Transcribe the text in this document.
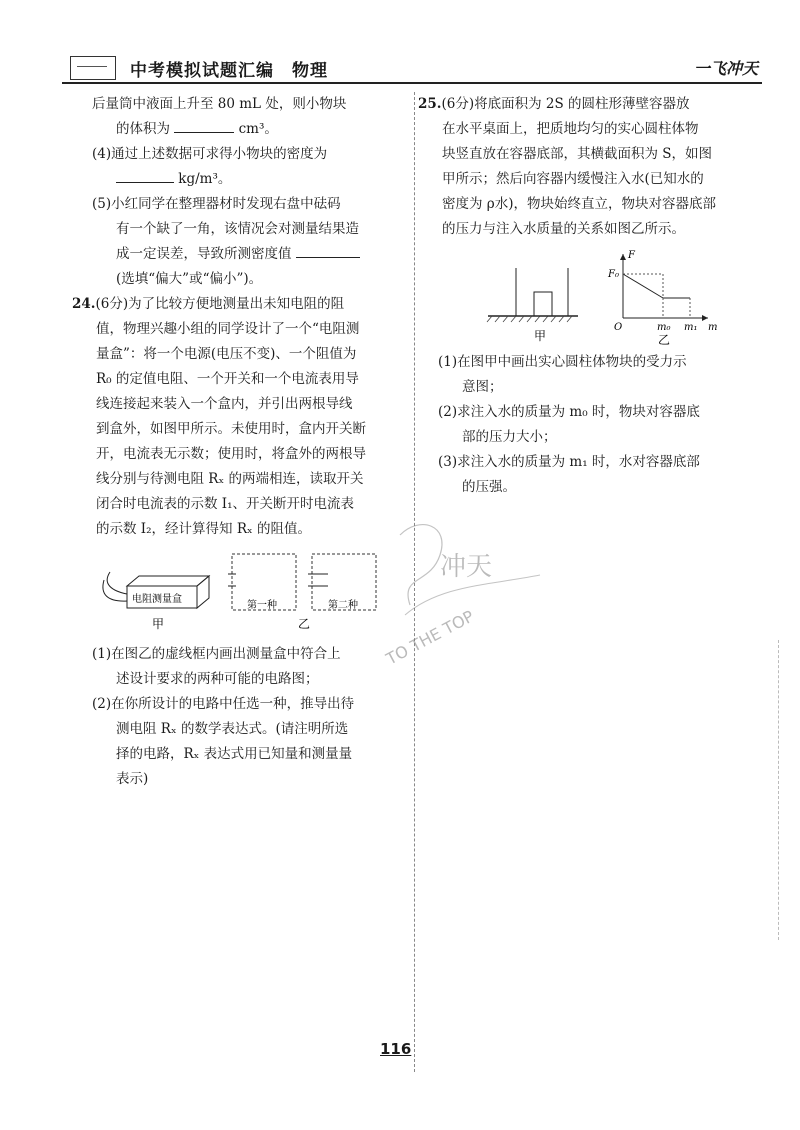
中考模拟试题汇编　物理	一飞冲天

后量筒中液面上升至 80 mL 处，则小物块
的体积为	cm³。

(4)通过上述数据可求得小物块的密度为
kg/m³。

(5)小红同学在整理器材时发现右盘中砝码
有一个缺了一角，该情况会对测量结果造
成一定误差，导致所测密度值
(选填“偏大”或“偏小”)。

24.(6分)为了比较方便地测量出未知电阻的阻
值，物理兴趣小组的同学设计了一个“电阻测
量盒”：将一个电源(电压不变)、一个阻值为
R₀ 的定值电阻、一个开关和一个电流表用导
线连接起来装入一个盒内，并引出两根导线
到盒外，如图甲所示。未使用时，盒内开关断
开，电流表无示数；使用时，将盒外的两根导
线分别与待测电阻 Rₓ 的两端相连，读取开关
闭合时电流表的示数 I₁、开关断开时电流表
的示数 I₂，经计算得知 Rₓ 的阻值。

电阻测量盒
甲
第一种	第二种
乙

(1)在图乙的虚线框内画出测量盒中符合上
述设计要求的两种可能的电路图；

(2)在你所设计的电路中任选一种，推导出待
测电阻 Rₓ 的数学表达式。(请注明所选
择的电路，Rₓ 表达式用已知量和测量量
表示)

25.(6分)将底面积为 2S 的圆柱形薄壁容器放
在水平桌面上，把质地均匀的实心圆柱体物
块竖直放在容器底部，其横截面积为 S，如图
甲所示；然后向容器内缓慢注入水(已知水的
密度为 ρ水)，物块始终直立，物块对容器底部
的压力与注入水质量的关系如图乙所示。

甲
F
F₀
O	m₀ m₁ m
乙

(1)在图甲中画出实心圆柱体物块的受力示
意图；

(2)求注入水的质量为 m₀ 时，物块对容器底
部的压力大小；

(3)求注入水的质量为 m₁ 时，水对容器底部
的压强。

冲天
TO THE TOP
116
